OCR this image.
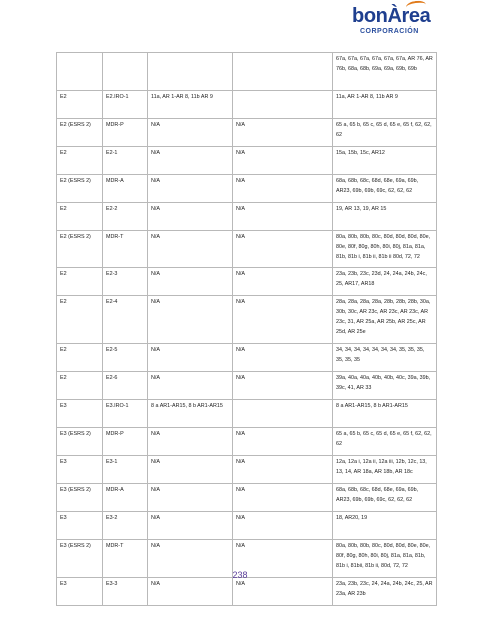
bonÀrea
CORPORACIÓN
				67a, 67a, 67a, 67a, 67a, 67a, AR 76, AR 76b, 68a, 68b, 69a, 69a, 69b, 69b
E2	E2.IRO-1	11a, AR 1-AR 8, 11b AR 9		11a, AR 1-AR 8, 11b AR 9
E2 (ESRS 2)	MDR-P	N/A	N/A	65 a, 65 b, 65 c, 65 d, 65 e, 65 f, 62, 62, 62
E2	E2-1	N/A	N/A	15a, 15b, 15c, AR12
E2 (ESRS 2)	MDR-A	N/A	N/A	68a, 68b, 68c, 68d, 68e, 69a, 69b, AR23, 69b, 69b, 69c, 62, 62, 62
E2	E2-2	N/A	N/A	19, AR 13, 19, AR 15
E2 (ESRS 2)	MDR-T	N/A	N/A	80a, 80b, 80b, 80c, 80d, 80d, 80d, 80e, 80e, 80f, 80g, 80h, 80i, 80j, 81a, 81a, 81b, 81b i, 81b ii, 81b ii 80d, 72, 72
E2	E2-3	N/A	N/A	23a, 23b, 23c, 23d, 24, 24a, 24b, 24c, 25, AR17, AR18
E2	E2-4	N/A	N/A	28a, 28a, 28a, 28a, 28b, 28b, 28b, 30a, 30b, 30c, AR 23c, AR 23c, AR 23c, AR 23c, 31, AR 25a, AR 25b, AR 25c, AR 25d, AR 25e
E2	E2-5	N/A	N/A	34, 34, 34, 34, 34, 34, 34, 35, 35, 35, 35, 35, 35
E2	E2-6	N/A	N/A	39a, 40a, 40a, 40b, 40b, 40c, 39a, 39b, 39c, 41, AR 33
E3	E3.IRO-1	8 a AR1-AR15, 8 b AR1-AR15		8 a AR1-AR15, 8 b AR1-AR15
E3 (ESRS 2)	MDR-P	N/A	N/A	65 a, 65 b, 65 c, 65 d, 65 e, 65 f, 62, 62, 62
E3	E3-1	N/A	N/A	12a, 12a i, 12a ii, 12a iii, 12b, 12c, 13, 13, 14, AR 18a, AR 18b, AR 18c
E3 (ESRS 2)	MDR-A	N/A	N/A	68a, 68b, 68c, 68d, 68e, 69a, 69b, AR23, 69b, 69b, 69c, 62, 62, 62
E3	E3-2	N/A	N/A	18, AR20, 19
E3 (ESRS 2)	MDR-T	N/A	N/A	80a, 80b, 80b, 80c, 80d, 80d, 80e, 80e, 80f, 80g, 80h, 80i, 80j, 81a, 81a, 81b, 81b i, 81bii, 81b ii, 80d, 72, 72
E3	E3-3	N/A	N/A	23a, 23b, 23c, 24, 24a, 24b, 24c, 25, AR 23a, AR 23b
238
